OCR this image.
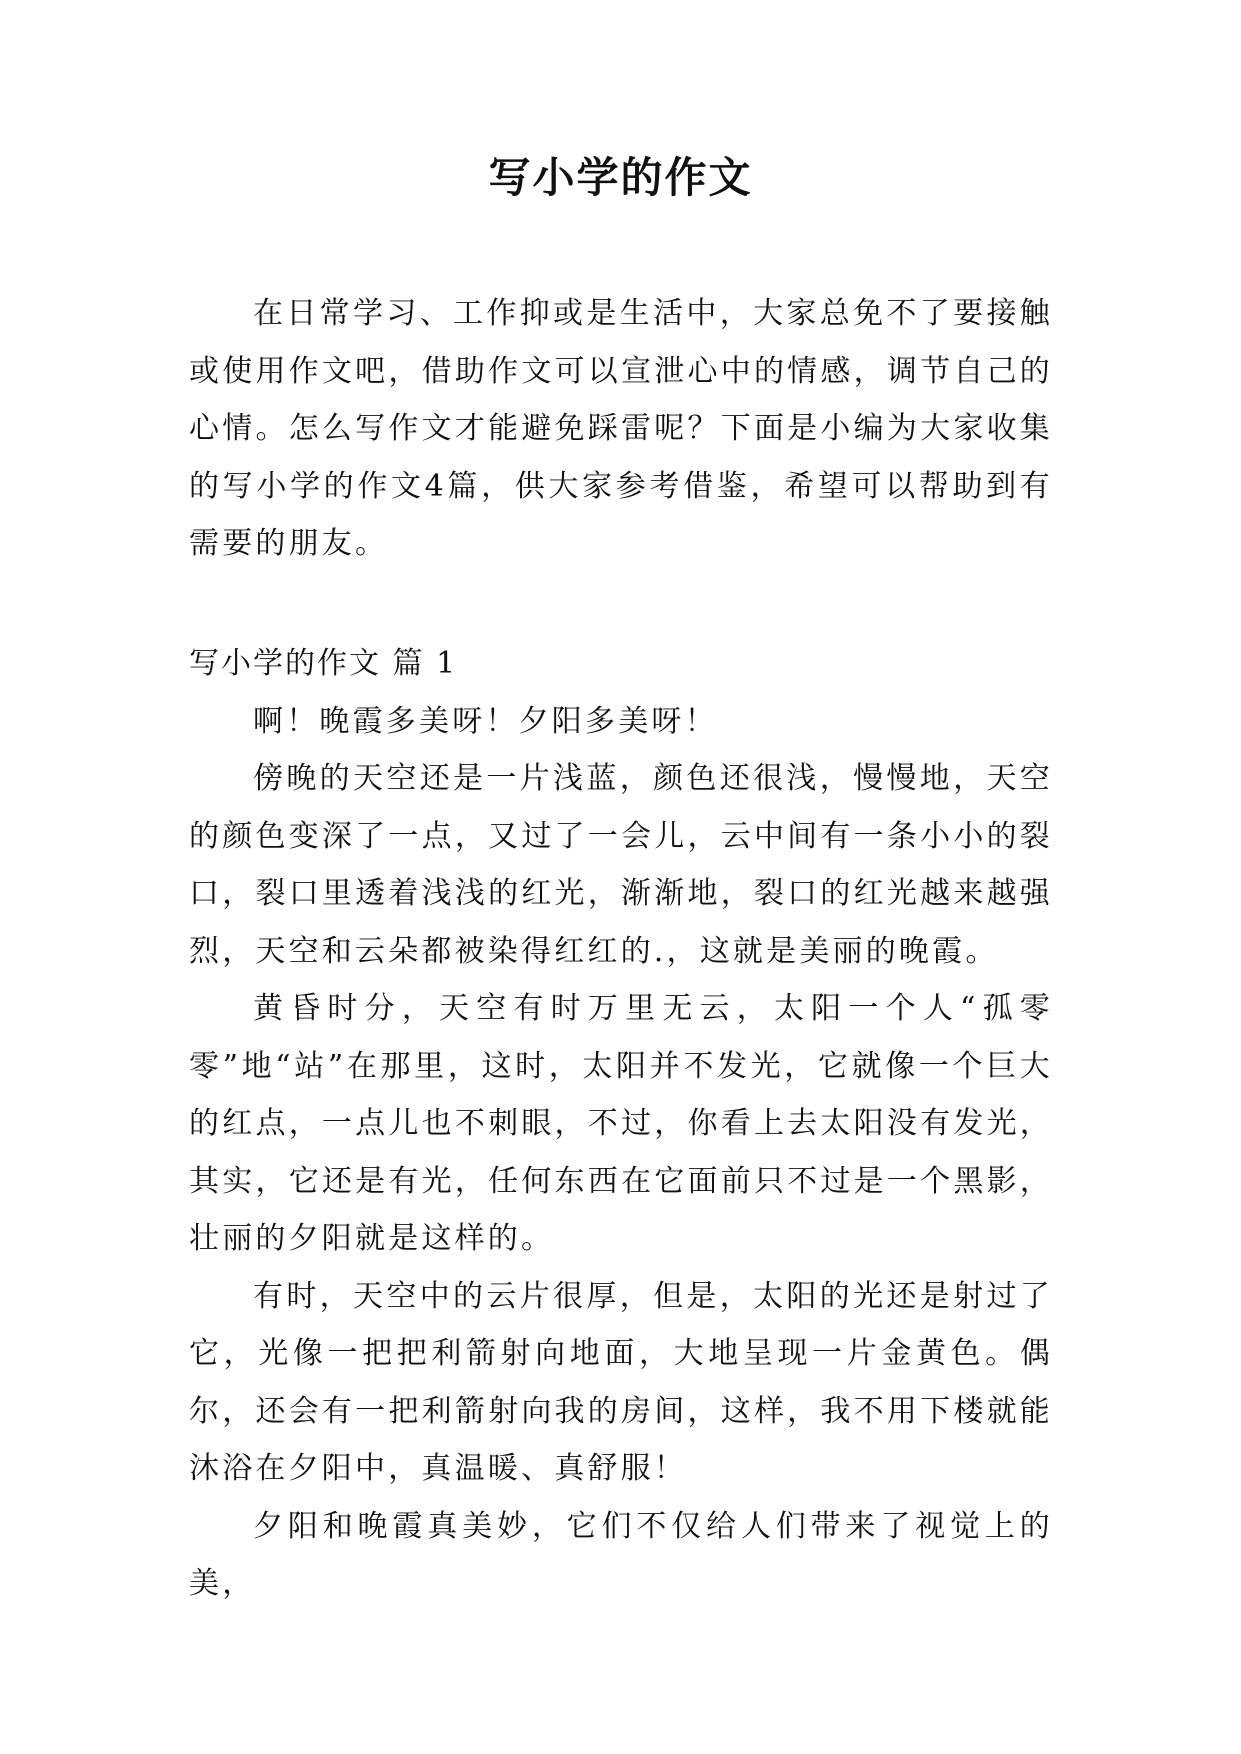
写小学的作文

在日常学习、工作抑或是生活中，大家总免不了要接触或使用作文吧，借助作文可以宣泄心中的情感，调节自己的心情。怎么写作文才能避免踩雷呢？下面是小编为大家收集的写小学的作文4篇，供大家参考借鉴，希望可以帮助到有需要的朋友。

写小学的作文 篇 1

啊！晚霞多美呀！夕阳多美呀！

傍晚的天空还是一片浅蓝，颜色还很浅，慢慢地，天空的颜色变深了一点，又过了一会儿，云中间有一条小小的裂口，裂口里透着浅浅的红光，渐渐地，裂口的红光越来越强烈，天空和云朵都被染得红红的.，这就是美丽的晚霞。

黄昏时分，天空有时万里无云，太阳一个人“孤零零”地“站”在那里，这时，太阳并不发光，它就像一个巨大的红点，一点儿也不刺眼，不过，你看上去太阳没有发光，其实，它还是有光，任何东西在它面前只不过是一个黑影，壮丽的夕阳就是这样的。

有时，天空中的云片很厚，但是，太阳的光还是射过了它，光像一把把利箭射向地面，大地呈现一片金黄色。偶尔，还会有一把利箭射向我的房间，这样，我不用下楼就能沐浴在夕阳中，真温暖、真舒服！

夕阳和晚霞真美妙，它们不仅给人们带来了视觉上的美，
